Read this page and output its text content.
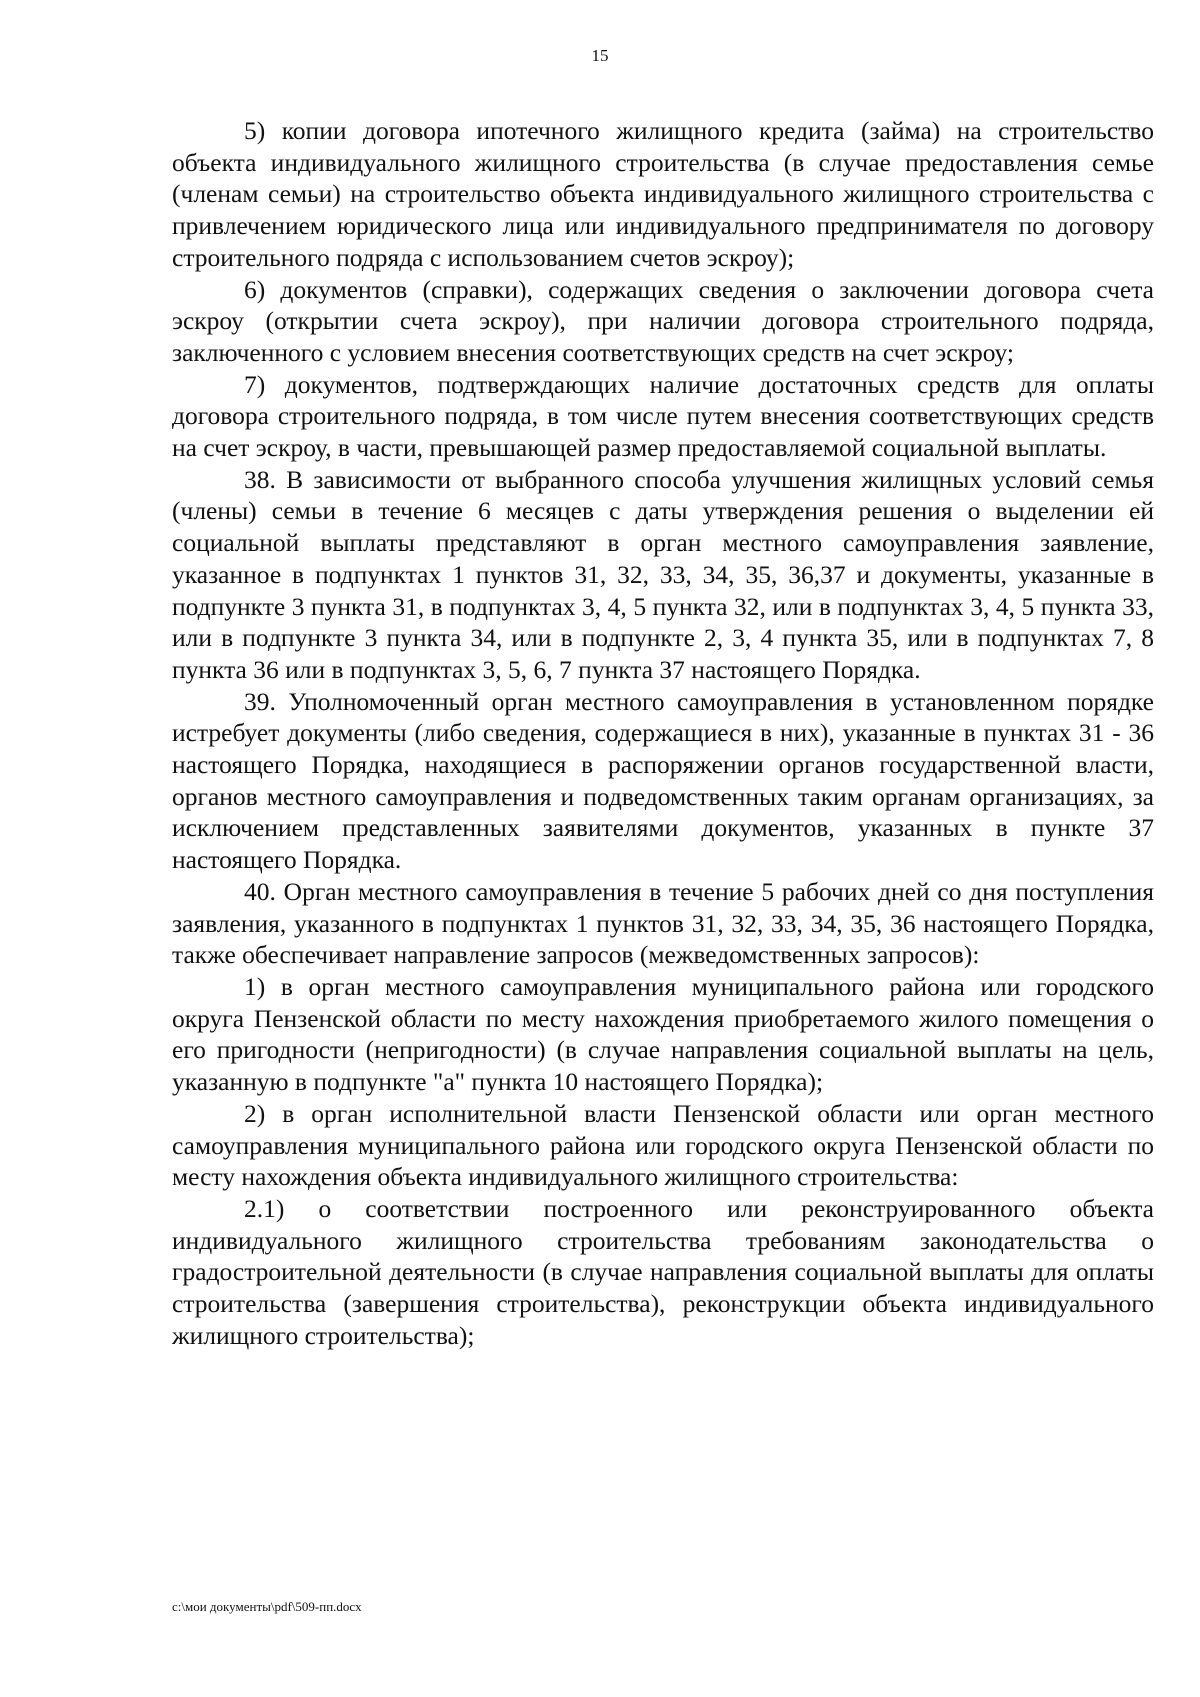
15

5) копии договора ипотечного жилищного кредита (займа) на строительство объекта индивидуального жилищного строительства (в случае предоставления семье (членам семьи) на строительство объекта индивидуального жилищного строительства с привлечением юридического лица или индивидуального предпринимателя по договору строительного подряда с использованием счетов эскроу);

6) документов (справки), содержащих сведения о заключении договора счета эскроу (открытии счета эскроу), при наличии договора строительного подряда, заключенного с условием внесения соответствующих средств на счет эскроу;

7) документов, подтверждающих наличие достаточных средств для оплаты договора строительного подряда, в том числе путем внесения соответствующих средств на счет эскроу, в части, превышающей размер предоставляемой социальной выплаты.

38. В зависимости от выбранного способа улучшения жилищных условий семья (члены) семьи в течение 6 месяцев с даты утверждения решения о выделении ей социальной выплаты представляют в орган местного самоуправления заявление, указанное в подпунктах 1 пунктов 31, 32, 33, 34, 35, 36,37 и документы, указанные в подпункте 3 пункта 31, в подпунктах 3, 4, 5 пункта 32, или в подпунктах 3, 4, 5 пункта 33, или в подпункте 3 пункта 34, или в подпункте 2, 3, 4 пункта 35, или в подпунктах 7, 8 пункта 36 или в подпунктах 3, 5, 6, 7 пункта 37 настоящего Порядка.

39. Уполномоченный орган местного самоуправления в установленном порядке истребует документы (либо сведения, содержащиеся в них), указанные в пунктах 31 - 36 настоящего Порядка, находящиеся в распоряжении органов государственной власти, органов местного самоуправления и подведомственных таким органам организациях, за исключением представленных заявителями документов, указанных в пункте 37 настоящего Порядка.

40. Орган местного самоуправления в течение 5 рабочих дней со дня поступления заявления, указанного в подпунктах 1 пунктов 31, 32, 33, 34, 35, 36 настоящего Порядка, также обеспечивает направление запросов (межведомственных запросов):

1) в орган местного самоуправления муниципального района или городского округа Пензенской области по месту нахождения приобретаемого жилого помещения о его пригодности (непригодности) (в случае направления социальной выплаты на цель, указанную в подпункте "а" пункта 10 настоящего Порядка);

2) в орган исполнительной власти Пензенской области или орган местного самоуправления муниципального района или городского округа Пензенской области по месту нахождения объекта индивидуального жилищного строительства:

2.1) о соответствии построенного или реконструированного объекта индивидуального жилищного строительства требованиям законодательства о градостроительной деятельности (в случае направления социальной выплаты для оплаты строительства (завершения строительства), реконструкции объекта индивидуального жилищного строительства);

c:\мои документы\pdf\509-пп.docx
